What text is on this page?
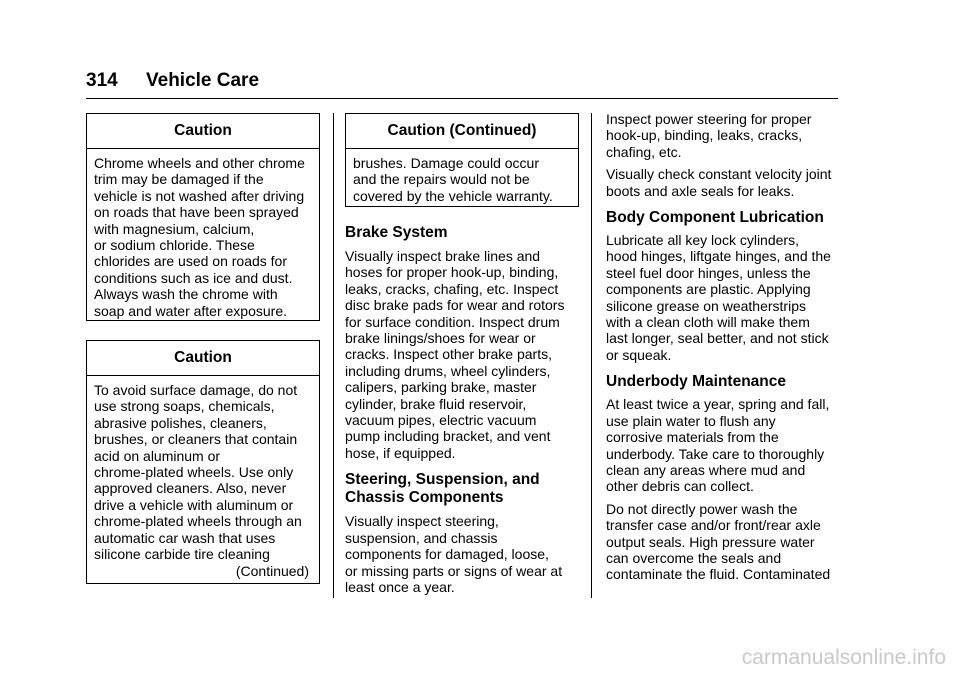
314 Vehicle Care
Caution
Chrome wheels and other chrome
trim may be damaged if the
vehicle is not washed after driving
on roads that have been sprayed
with magnesium, calcium,
or sodium chloride. These
chlorides are used on roads for
conditions such as ice and dust.
Always wash the chrome with
soap and water after exposure.
Caution
To avoid surface damage, do not
use strong soaps, chemicals,
abrasive polishes, cleaners,
brushes, or cleaners that contain
acid on aluminum or
chrome-plated wheels. Use only
approved cleaners. Also, never
drive a vehicle with aluminum or
chrome-plated wheels through an
automatic car wash that uses
silicone carbide tire cleaning
(Continued)
Caution (Continued)
brushes. Damage could occur
and the repairs would not be
covered by the vehicle warranty.
Brake System
Visually inspect brake lines and
hoses for proper hook-up, binding,
leaks, cracks, chafing, etc. Inspect
disc brake pads for wear and rotors
for surface condition. Inspect drum
brake linings/shoes for wear or
cracks. Inspect other brake parts,
including drums, wheel cylinders,
calipers, parking brake, master
cylinder, brake fluid reservoir,
vacuum pipes, electric vacuum
pump including bracket, and vent
hose, if equipped.
Steering, Suspension, and
Chassis Components
Visually inspect steering,
suspension, and chassis
components for damaged, loose,
or missing parts or signs of wear at
least once a year.
Inspect power steering for proper
hook-up, binding, leaks, cracks,
chafing, etc.
Visually check constant velocity joint
boots and axle seals for leaks.
Body Component Lubrication
Lubricate all key lock cylinders,
hood hinges, liftgate hinges, and the
steel fuel door hinges, unless the
components are plastic. Applying
silicone grease on weatherstrips
with a clean cloth will make them
last longer, seal better, and not stick
or squeak.
Underbody Maintenance
At least twice a year, spring and fall,
use plain water to flush any
corrosive materials from the
underbody. Take care to thoroughly
clean any areas where mud and
other debris can collect.
Do not directly power wash the
transfer case and/or front/rear axle
output seals. High pressure water
can overcome the seals and
contaminate the fluid. Contaminated
carmanualsonline.info
